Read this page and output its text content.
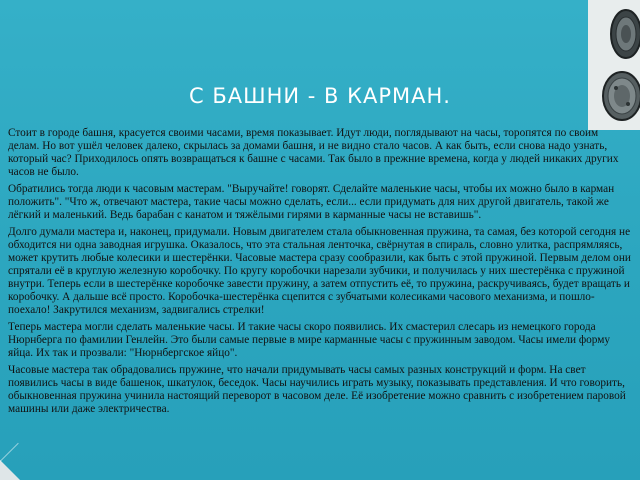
С БАШНИ - В КАРМАН.

Стоит в городе башня, красуется своими часами, время показывает. Идут люди, поглядывают на часы, торопятся по своим делам. Но вот ушёл человек далеко, скрылась за домами башня, и не видно стало часов. А как быть, если снова надо узнать, который час? Приходилось опять возвращаться к башне с часами. Так было в прежние времена, когда у людей никаких других часов не было.

Обратились тогда люди к часовым мастерам. "Выручайте! говорят. Сделайте маленькие часы, чтобы их можно было в карман положить". "Что ж, отвечают мастера, такие часы можно сделать, если... если придумать для них другой двигатель, такой же лёгкий и маленький. Ведь барабан с канатом и тяжёлыми гирями в карманные часы не вставишь".

Долго думали мастера и, наконец, придумали. Новым двигателем стала обыкновенная пружина, та самая, без которой сегодня не обходится ни одна заводная игрушка. Оказалось, что эта стальная ленточка, свёрнутая в спираль, словно улитка, распрямляясь, может крутить любые колесики и шестерёнки. Часовые мастера сразу сообразили, как быть с этой пружиной. Первым делом они спрятали её в круглую железную коробочку. По кругу коробочки нарезали зубчики, и получилась у них шестерёнка с пружиной внутри. Теперь если в шестерёнке коробочке завести пружину, а затем отпустить её, то пружина, раскручиваясь, будет вращать и коробочку. А дальше всё просто. Коробочка-шестерёнка сцепится с зубчатыми колесиками часового механизма, и пошло-поехало! Закрутился механизм, задвигались стрелки!

Теперь мастера могли сделать маленькие часы. И такие часы скоро появились. Их смастерил слесарь из немецкого города Нюрнберга по фамилии Генлейн. Это были самые первые в мире карманные часы с пружинным заводом. Часы имели форму яйца. Их так и прозвали: "Нюрнбергское яйцо".

Часовые мастера так обрадовались пружине, что начали придумывать часы самых разных конструкций и форм. На свет появились часы в виде башенок, шкатулок, беседок. Часы научились играть музыку, показывать представления. И что говорить, обыкновенная пружина учинила настоящий переворот в часовом деле. Её изобретение можно сравнить с изобретением паровой машины или даже электричества.
